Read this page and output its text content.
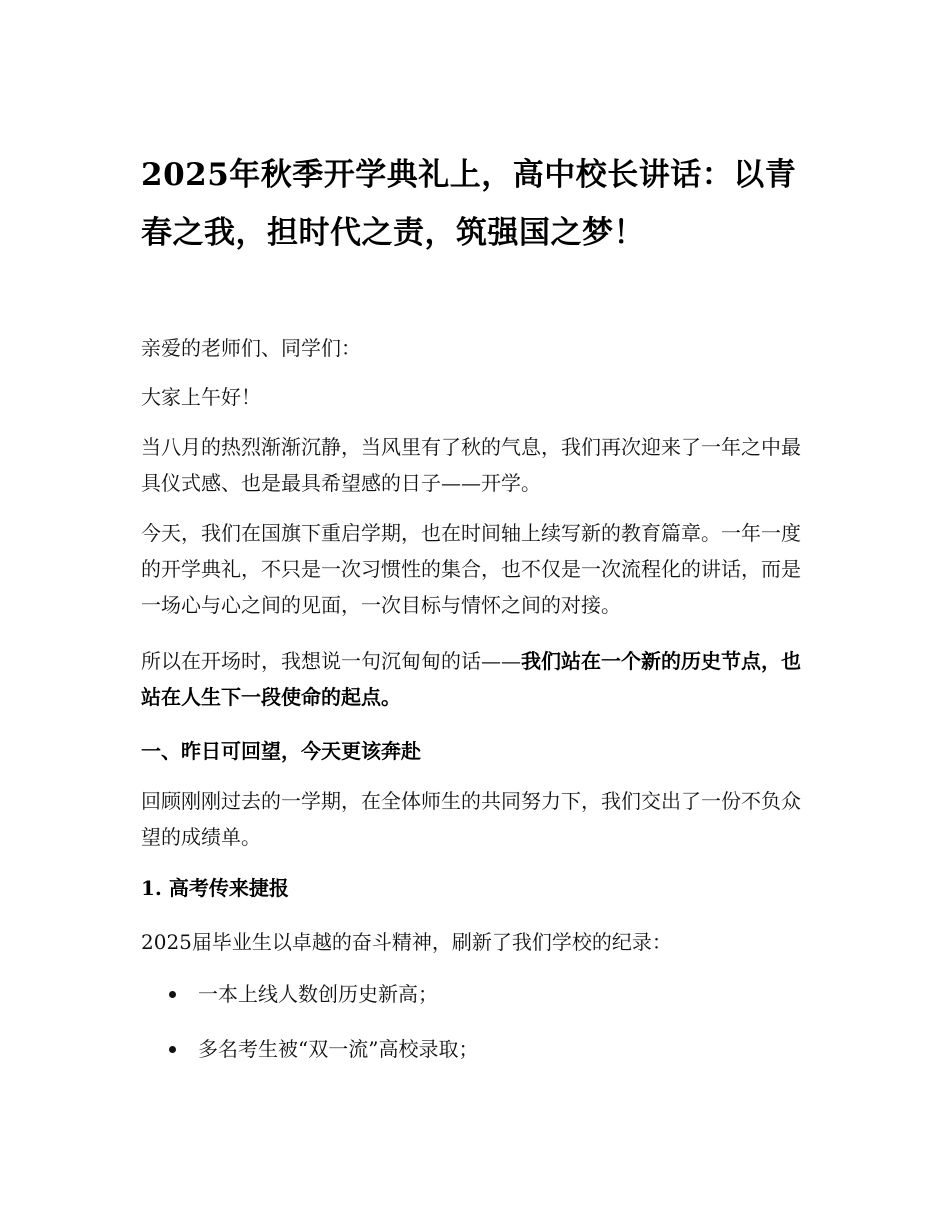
2025年秋季开学典礼上，高中校长讲话：以青春之我，担时代之责，筑强国之梦！

亲爱的老师们、同学们：

大家上午好！

当八月的热烈渐渐沉静，当风里有了秋的气息，我们再次迎来了一年之中最具仪式感、也是最具希望感的日子——开学。

今天，我们在国旗下重启学期，也在时间轴上续写新的教育篇章。一年一度的开学典礼，不只是一次习惯性的集合，也不仅是一次流程化的讲话，而是一场心与心之间的见面，一次目标与情怀之间的对接。

所以在开场时，我想说一句沉甸甸的话——我们站在一个新的历史节点，也站在人生下一段使命的起点。

一、昨日可回望，今天更该奔赴

回顾刚刚过去的一学期，在全体师生的共同努力下，我们交出了一份不负众望的成绩单。

1. 高考传来捷报

2025届毕业生以卓越的奋斗精神，刷新了我们学校的纪录：

一本上线人数创历史新高；
多名考生被“双一流”高校录取；
